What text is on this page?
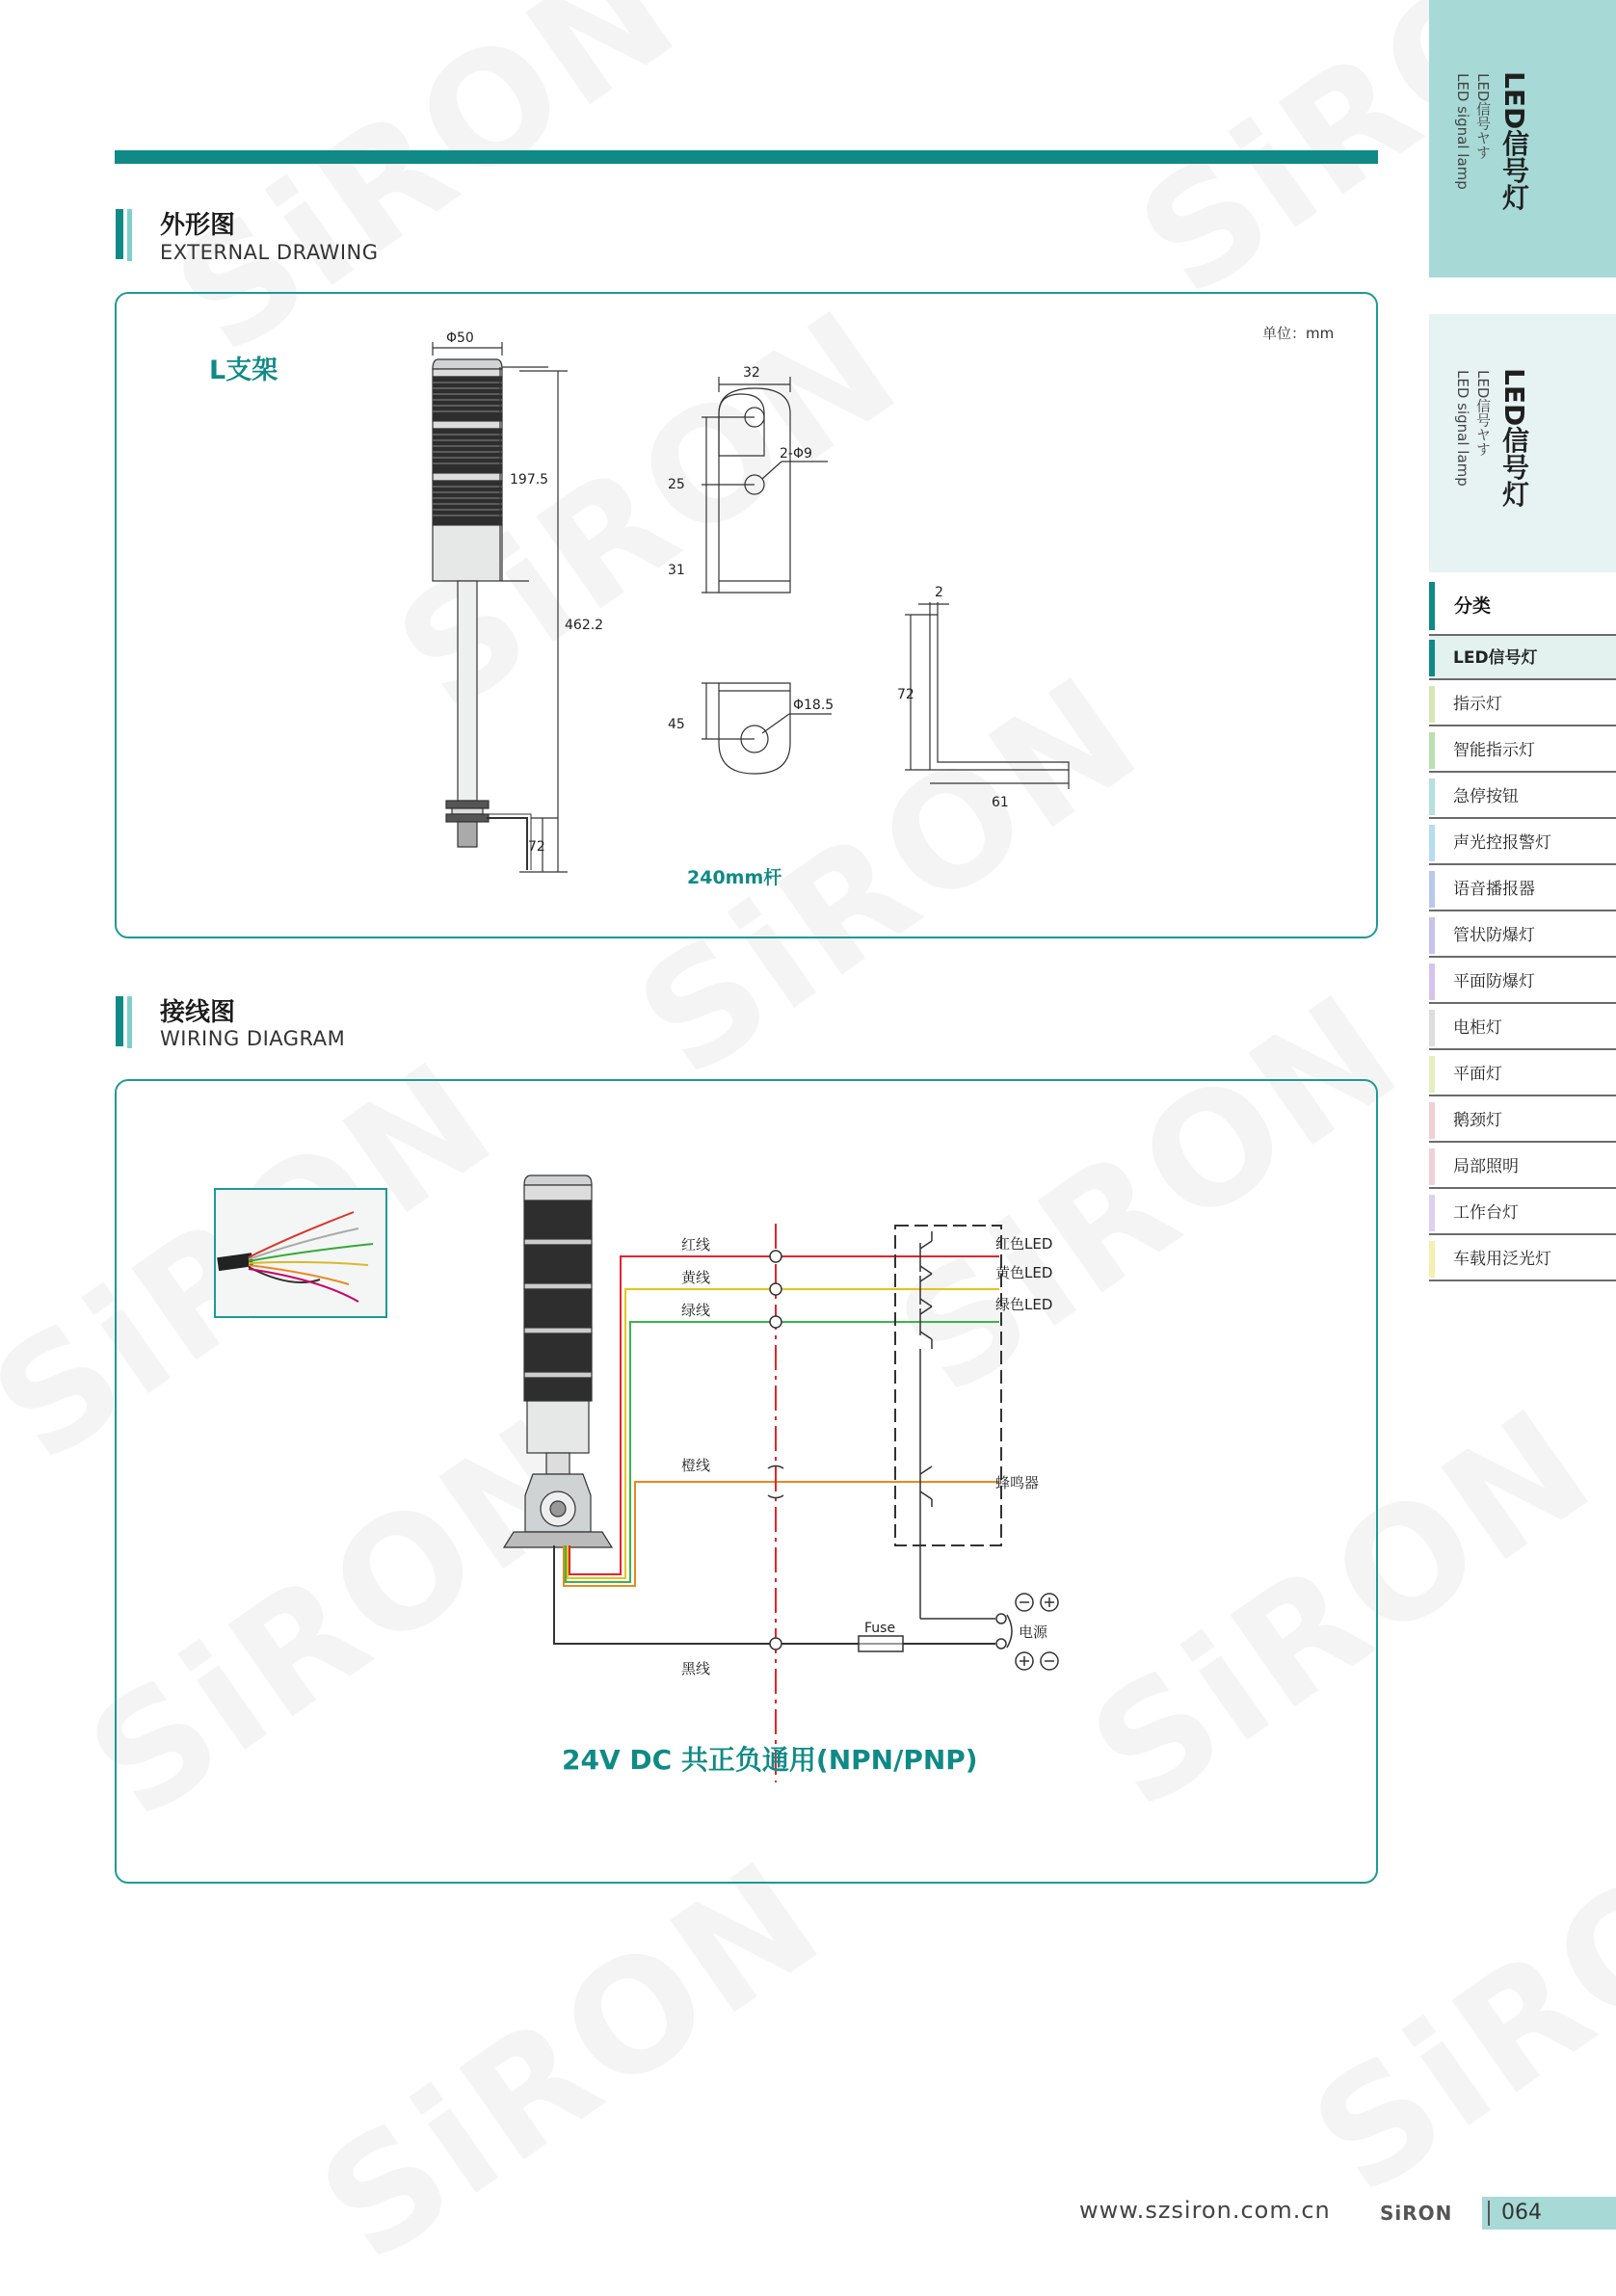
外形图
EXTERNAL DRAWING
L支架
单位：mm
Φ50
197.5
462.2
72
32
25
31
2-Φ9
45
Φ18.5
2
72
61
240mm杆
接线图
WIRING DIAGRAM
红线
黄线
绿线
橙线
黑线
红色LED
黄色LED
绿色LED
蜂鸣器
Fuse	电源
24V DC 共正负通用(NPN/PNP)
LED信号灯
LED信号ヤす
LED signal lamp
LED信号灯
LED信号ヤす
LED signal lamp
分类
LED信号灯
指示灯
智能指示灯
急停按钮
声光控报警灯
语音播报器
管状防爆灯
平面防爆灯
电柜灯
平面灯
鹅颈灯
局部照明
工作台灯
车载用泛光灯
www.szsiron.com.cn	SiRON 064
